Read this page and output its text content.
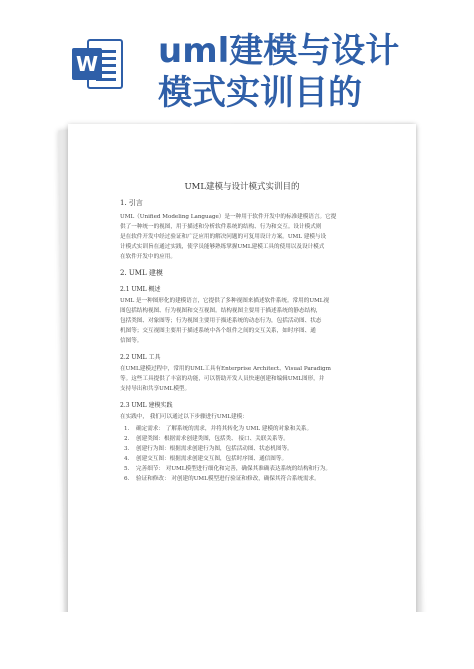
W uml建模与设计
模式实训目的
UML建模与设计模式实训目的
1. 引言
UML（Unified Modeling Language）是一种用于软件开发中的标准建模语言。它提
供了一种统一的视图，用于描述和分析软件系统的结构、行为和交互。设计模式则
是在软件开发中经过验证和广泛应用的解决问题的可复用设计方案。UML 建模与设
计模式实训旨在通过实践，使学员能够熟练掌握UML建模工具的使用以及设计模式
在软件开发中的应用。
2. UML 建模
2.1 UML 概述
UML 是一种图形化的建模语言，它提供了多种视图来描述软件系统。常用的UML视
图包括结构视图、行为视图和交互视图。结构视图主要用于描述系统的静态结构，
包括类图、对象图等；行为视图主要用于描述系统的动态行为，包括活动图、状态
机图等；交互视图主要用于描述系统中各个组件之间的交互关系，如时序图、通
信图等。
2.2 UML 工具
在UML建模过程中，常用的UML工具有Enterprise Architect、Visual Paradigm
等。这些工具提供了丰富的功能，可以帮助开发人员快速创建和编辑UML图形，并
支持导出和共享UML模型。
2.3 UML 建模实践
在实践中， 我们可以通过以下步骤进行UML建模：
1. 确定需求： 了解系统的需求，并将其转化为 UML 建模的对象和关系。
2. 创建类图：根据需求创建类图，包括类、 接口、关联关系等。
3. 创建行为图：根据需求创建行为图，包括活动图、状态机图等。
4. 创建交互图：根据需求创建交互图，包括时序图、通信图等。
5. 完善细节： 对UML模型进行细化和完善，确保其准确表达系统的结构和行为。
6. 验证和修改： 对创建的UML模型进行验证和修改，确保其符合系统需求。
